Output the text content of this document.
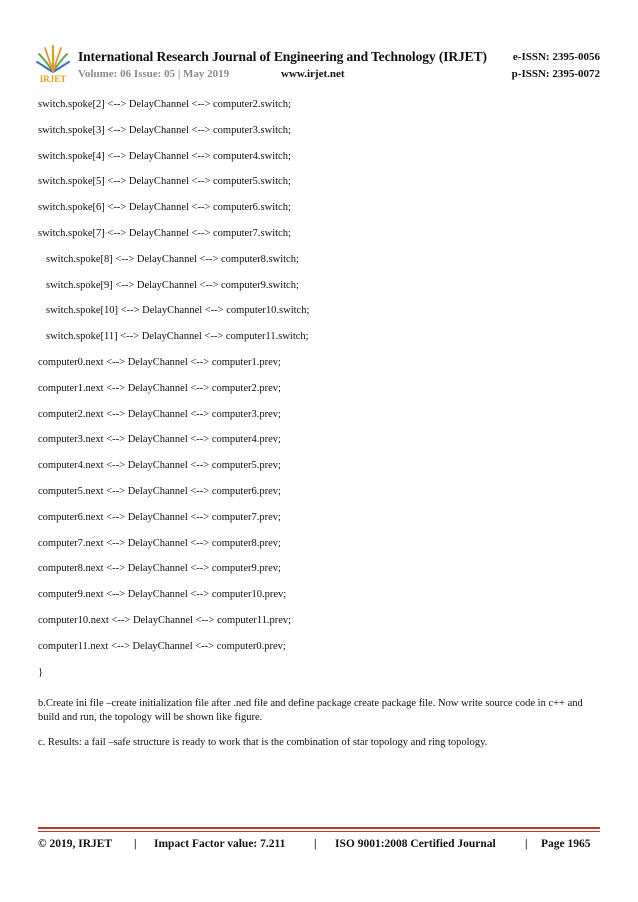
IRJET
International Research Journal of Engineering and Technology (IRJET) e-ISSN: 2395-0056
Volume: 06 Issue: 05 | May 2019	www.irjet.net	p-ISSN: 2395-0072
switch.spoke[2] <--> DelayChannel <--> computer2.switch;
switch.spoke[3] <--> DelayChannel <--> computer3.switch;
switch.spoke[4] <--> DelayChannel <--> computer4.switch;
switch.spoke[5] <--> DelayChannel <--> computer5.switch;
switch.spoke[6] <--> DelayChannel <--> computer6.switch;
switch.spoke[7] <--> DelayChannel <--> computer7.switch;
switch.spoke[8] <--> DelayChannel <--> computer8.switch;
switch.spoke[9] <--> DelayChannel <--> computer9.switch;
switch.spoke[10] <--> DelayChannel <--> computer10.switch;
switch.spoke[11] <--> DelayChannel <--> computer11.switch;
computer0.next <--> DelayChannel <--> computer1.prev;
computer1.next <--> DelayChannel <--> computer2.prev;
computer2.next <--> DelayChannel <--> computer3.prev;
computer3.next <--> DelayChannel <--> computer4.prev;
computer4.next <--> DelayChannel <--> computer5.prev;
computer5.next <--> DelayChannel <--> computer6.prev;
computer6.next <--> DelayChannel <--> computer7.prev;
computer7.next <--> DelayChannel <--> computer8.prev;
computer8.next <--> DelayChannel <--> computer9.prev;
computer9.next <--> DelayChannel <--> computer10.prev;
computer10.next <--> DelayChannel <--> computer11.prev;
computer11.next <--> DelayChannel <--> computer0.prev;
}

b.Create ini file –create initialization file after .ned file and define package create package file. Now write source code in c++ and build and run, the topology will be shown like figure.

c. Results: a fail –safe structure is ready to work that is the combination of star topology and ring topology.

© 2019, IRJET | Impact Factor value: 7.211 | ISO 9001:2008 Certified Journal	| Page 1965
